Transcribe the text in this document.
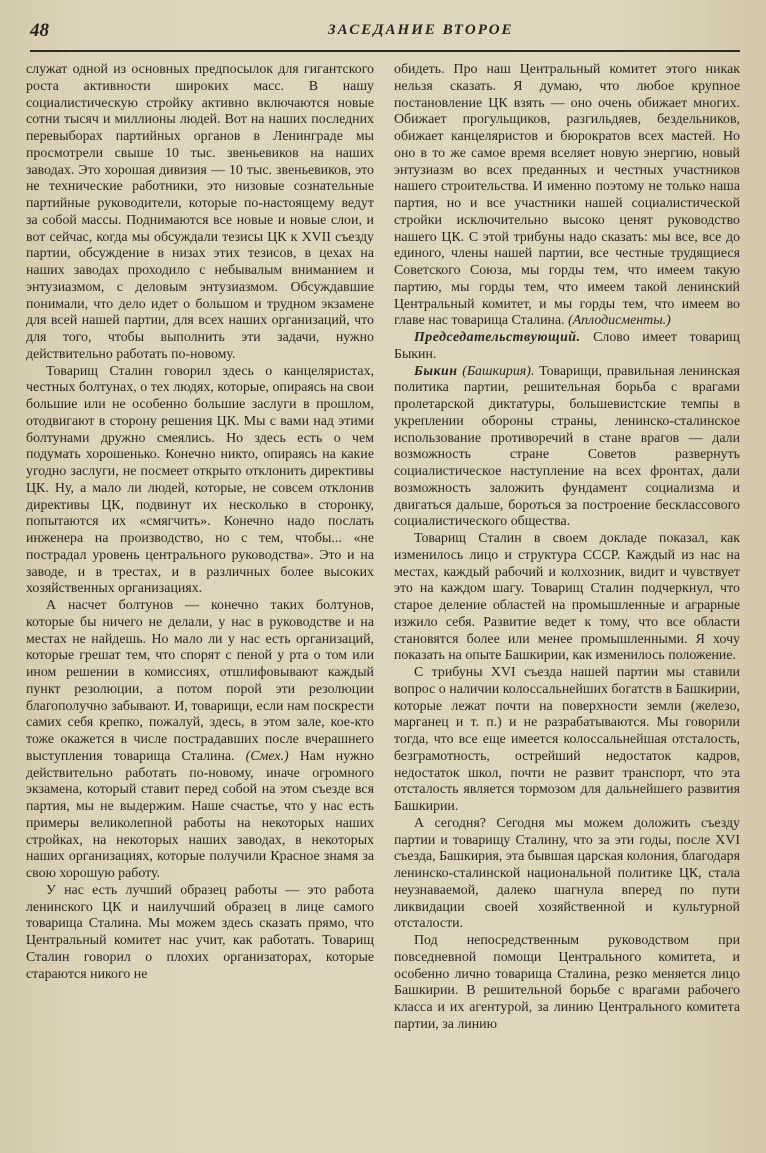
48	ЗАСЕДАНИЕ ВТОРОЕ

служат одной из основных предпосылок для гигантского роста активности широких масс. В нашу социалистическую стройку активно включаются новые сотни тысяч и миллионы людей. Вот на наших последних перевыборах партийных органов в Ленинграде мы просмотрели свыше 10 тыс. звеньевиков на наших заводах. Это хорошая дивизия — 10 тыс. звеньевиков, это не технические работники, это низовые сознательные партийные руководители, которые по-настоящему ведут за собой массы. Поднимаются все новые и новые слои, и вот сейчас, когда мы обсуждали тезисы ЦК к XVII съезду партии, обсуждение в низах этих тезисов, в цехах на наших заводах проходило с небывалым вниманием и энтузиазмом, с деловым энтузиазмом. Обсуждавшие понимали, что дело идет о большом и трудном экзамене для всей нашей партии, для всех наших организаций, что для того, чтобы выполнить эти задачи, нужно действительно работать по-новому.

Товарищ Сталин говорил здесь о канцеляристах, честных болтунах, о тех людях, которые, опираясь на свои большие или не особенно большие заслуги в прошлом, отодвигают в сторону решения ЦК. Мы с вами над этими болтунами дружно смеялись. Но здесь есть о чем подумать хорошенько. Конечно никто, опираясь на какие угодно заслуги, не посмеет открыто отклонить директивы ЦК. Ну, а мало ли людей, которые, не совсем отклонив директивы ЦК, подвинут их несколько в сторонку, попытаются их «смягчить». Конечно надо послать инженера на производство, но с тем, чтобы... «не пострадал уровень центрального руководства». Это и на заводе, и в трестах, и в различных более высоких хозяйственных организациях.

А насчет болтунов — конечно таких болтунов, которые бы ничего не делали, у нас в руководстве и на местах не найдешь. Но мало ли у нас есть организаций, которые грешат тем, что спорят с пеной у рта о том или ином решении в комиссиях, отшлифовывают каждый пункт резолюции, а потом порой эти резолюции благополучно забывают. И, товарищи, если нам поскрести самих себя крепко, пожалуй, здесь, в этом зале, кое-кто тоже окажется в числе пострадавших после вчерашнего выступления товарища Сталина. (Смех.) Нам нужно действительно работать по-новому, иначе огромного экзамена, который ставит перед собой на этом съезде вся партия, мы не выдержим. Наше счастье, что у нас есть примеры великолепной работы на некоторых наших стройках, на некоторых наших заводах, в некоторых наших организациях, которые получили Красное знамя за свою хорошую работу.

У нас есть лучший образец работы — это работа ленинского ЦК и наилучший образец в лице самого товарища Сталина. Мы можем здесь сказать прямо, что Центральный комитет нас учит, как работать. Товарищ Сталин говорил о плохих организаторах, которые стараются никого не

обидеть. Про наш Центральный комитет этого никак нельзя сказать. Я думаю, что любое крупное постановление ЦК взять — оно очень обижает многих. Обижает прогульщиков, разгильдяев, бездельников, обижает канцеляристов и бюрократов всех мастей. Но оно в то же самое время вселяет новую энергию, новый энтузиазм во всех преданных и честных участников нашего строительства. И именно поэтому не только наша партия, но и все участники нашей социалистической стройки исключительно высоко ценят руководство нашего ЦК. С этой трибуны надо сказать: мы все, все до единого, члены нашей партии, все честные трудящиеся Советского Союза, мы горды тем, что имеем такую партию, мы горды тем, что имеем такой ленинский Центральный комитет, и мы горды тем, что имеем во главе нас товарища Сталина. (Аплодисменты.)

Председательствующий. Слово имеет товарищ Быкин.

Быкин (Башкирия). Товарищи, правильная ленинская политика партии, решительная борьба с врагами пролетарской диктатуры, большевистские темпы в укреплении обороны страны, ленинско-сталинское использование противоречий в стане врагов — дали возможность стране Советов развернуть социалистическое наступление на всех фронтах, дали возможность заложить фундамент социализма и двигаться дальше, бороться за построение бесклассового социалистического общества.

Товарищ Сталин в своем докладе показал, как изменилось лицо и структура СССР. Каждый из нас на местах, каждый рабочий и колхозник, видит и чувствует это на каждом шагу. Товарищ Сталин подчеркнул, что старое деление областей на промышленные и аграрные изжило себя. Развитие ведет к тому, что все области становятся более или менее промышленными. Я хочу показать на опыте Башкирии, как изменилось положение.

С трибуны XVI съезда нашей партии мы ставили вопрос о наличии колоссальнейших богатств в Башкирии, которые лежат почти на поверхности земли (железо, марганец и т. п.) и не разрабатываются. Мы говорили тогда, что все еще имеется колоссальнейшая отсталость, безграмотность, острейший недостаток кадров, недостаток школ, почти не развит транспорт, что эта отсталость является тормозом для дальнейшего развития Башкирии.

А сегодня? Сегодня мы можем доложить съезду партии и товарищу Сталину, что за эти годы, после XVI съезда, Башкирия, эта бывшая царская колония, благодаря ленинско-сталинской национальной политике ЦК, стала неузнаваемой, далеко шагнула вперед по пути ликвидации своей хозяйственной и культурной отсталости.

Под непосредственным руководством при повседневной помощи Центрального комитета, и особенно лично товарища Сталина, резко меняется лицо Башкирии. В решительной борьбе с врагами рабочего класса и их агентурой, за линию Центрального комитета партии, за линию
